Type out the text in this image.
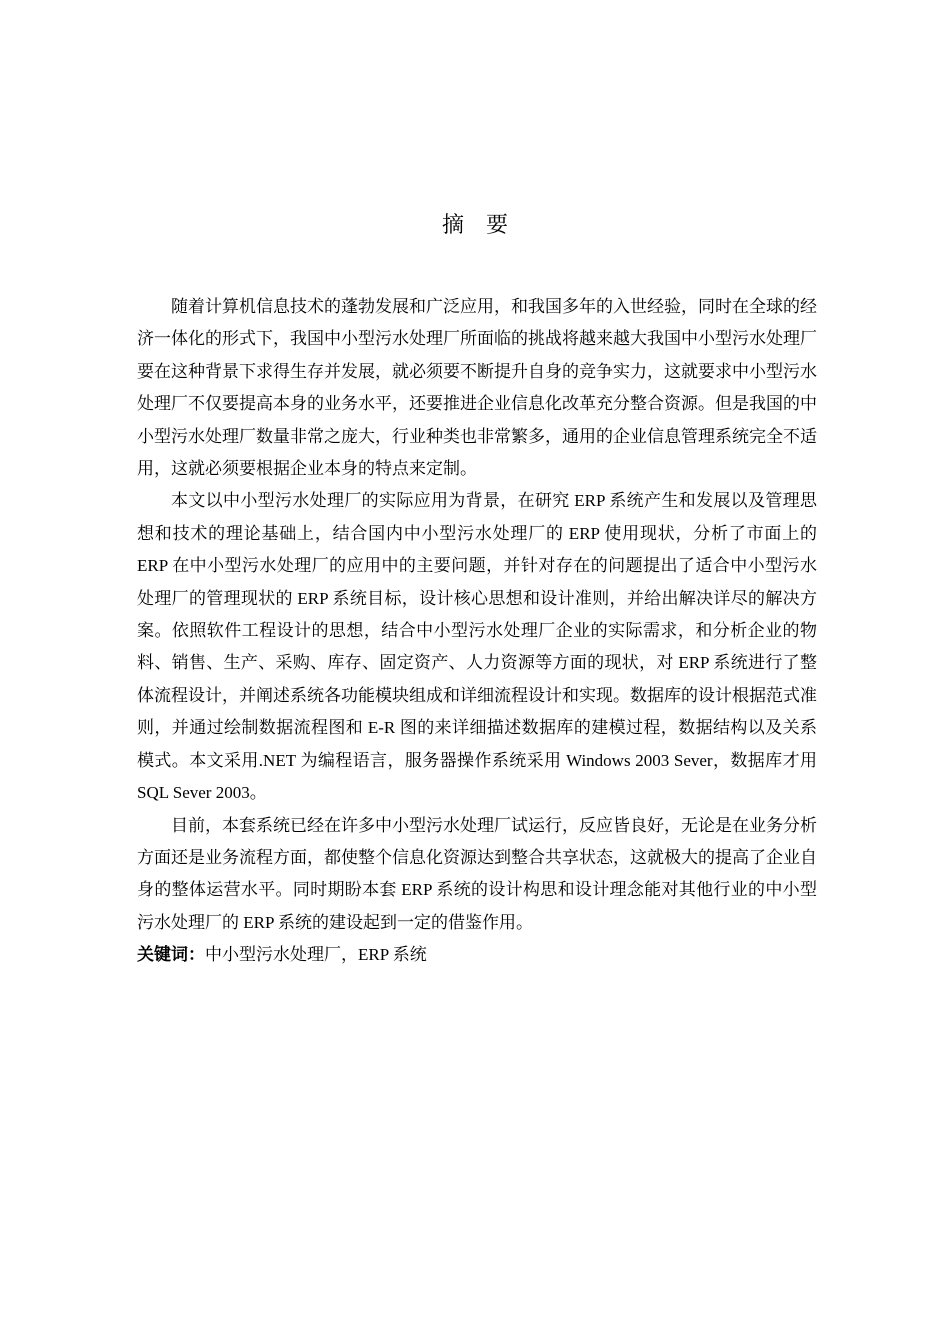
摘要

随着计算机信息技术的蓬勃发展和广泛应用，和我国多年的入世经验，同时在全球的经济一体化的形式下，我国中小型污水处理厂所面临的挑战将越来越大我国中小型污水处理厂要在这种背景下求得生存并发展，就必须要不断提升自身的竞争实力，这就要求中小型污水处理厂不仅要提高本身的业务水平，还要推进企业信息化改革充分整合资源。但是我国的中小型污水处理厂数量非常之庞大，行业种类也非常繁多，通用的企业信息管理系统完全不适用，这就必须要根据企业本身的特点来定制。

本文以中小型污水处理厂的实际应用为背景，在研究 ERP 系统产生和发展以及管理思想和技术的理论基础上，结合国内中小型污水处理厂的 ERP 使用现状，分析了市面上的 ERP 在中小型污水处理厂的应用中的主要问题，并针对存在的问题提出了适合中小型污水处理厂的管理现状的 ERP 系统目标，设计核心思想和设计准则，并给出解决详尽的解决方案。依照软件工程设计的思想，结合中小型污水处理厂企业的实际需求，和分析企业的物料、销售、生产、采购、库存、固定资产、人力资源等方面的现状，对 ERP 系统进行了整体流程设计，并阐述系统各功能模块组成和详细流程设计和实现。数据库的设计根据范式准则，并通过绘制数据流程图和 E-R 图的来详细描述数据库的建模过程，数据结构以及关系模式。本文采用.NET 为编程语言，服务器操作系统采用 Windows 2003 Sever，数据库才用 SQL Sever 2003。

目前，本套系统已经在许多中小型污水处理厂试运行，反应皆良好，无论是在业务分析方面还是业务流程方面，都使整个信息化资源达到整合共享状态，这就极大的提高了企业自身的整体运营水平。同时期盼本套 ERP 系统的设计构思和设计理念能对其他行业的中小型污水处理厂的 ERP 系统的建设起到一定的借鉴作用。

关键词：中小型污水处理厂，ERP 系统
